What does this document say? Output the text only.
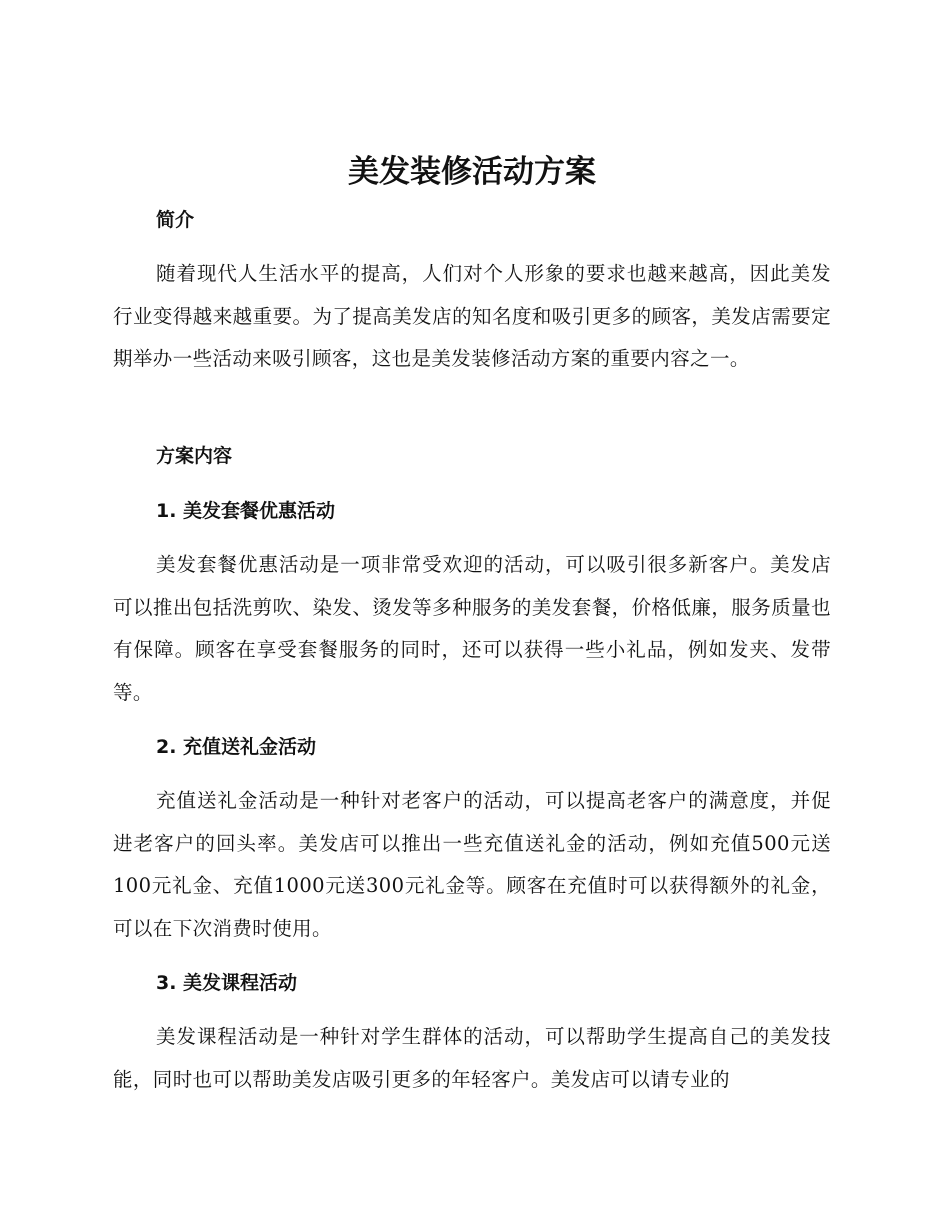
美发装修活动方案
简介

随着现代人生活水平的提高，人们对个人形象的要求也越来越高，因此美发行业变得越来越重要。为了提高美发店的知名度和吸引更多的顾客，美发店需要定期举办一些活动来吸引顾客，这也是美发装修活动方案的重要内容之一。

方案内容
1. 美发套餐优惠活动

美发套餐优惠活动是一项非常受欢迎的活动，可以吸引很多新客户。美发店可以推出包括洗剪吹、染发、烫发等多种服务的美发套餐，价格低廉，服务质量也有保障。顾客在享受套餐服务的同时，还可以获得一些小礼品，例如发夹、发带等。

2. 充值送礼金活动

充值送礼金活动是一种针对老客户的活动，可以提高老客户的满意度，并促进老客户的回头率。美发店可以推出一些充值送礼金的活动，例如充值500元送100元礼金、充值1000元送300元礼金等。顾客在充值时可以获得额外的礼金，可以在下次消费时使用。

3. 美发课程活动

美发课程活动是一种针对学生群体的活动，可以帮助学生提高自己的美发技能，同时也可以帮助美发店吸引更多的年轻客户。美发店可以请专业的
